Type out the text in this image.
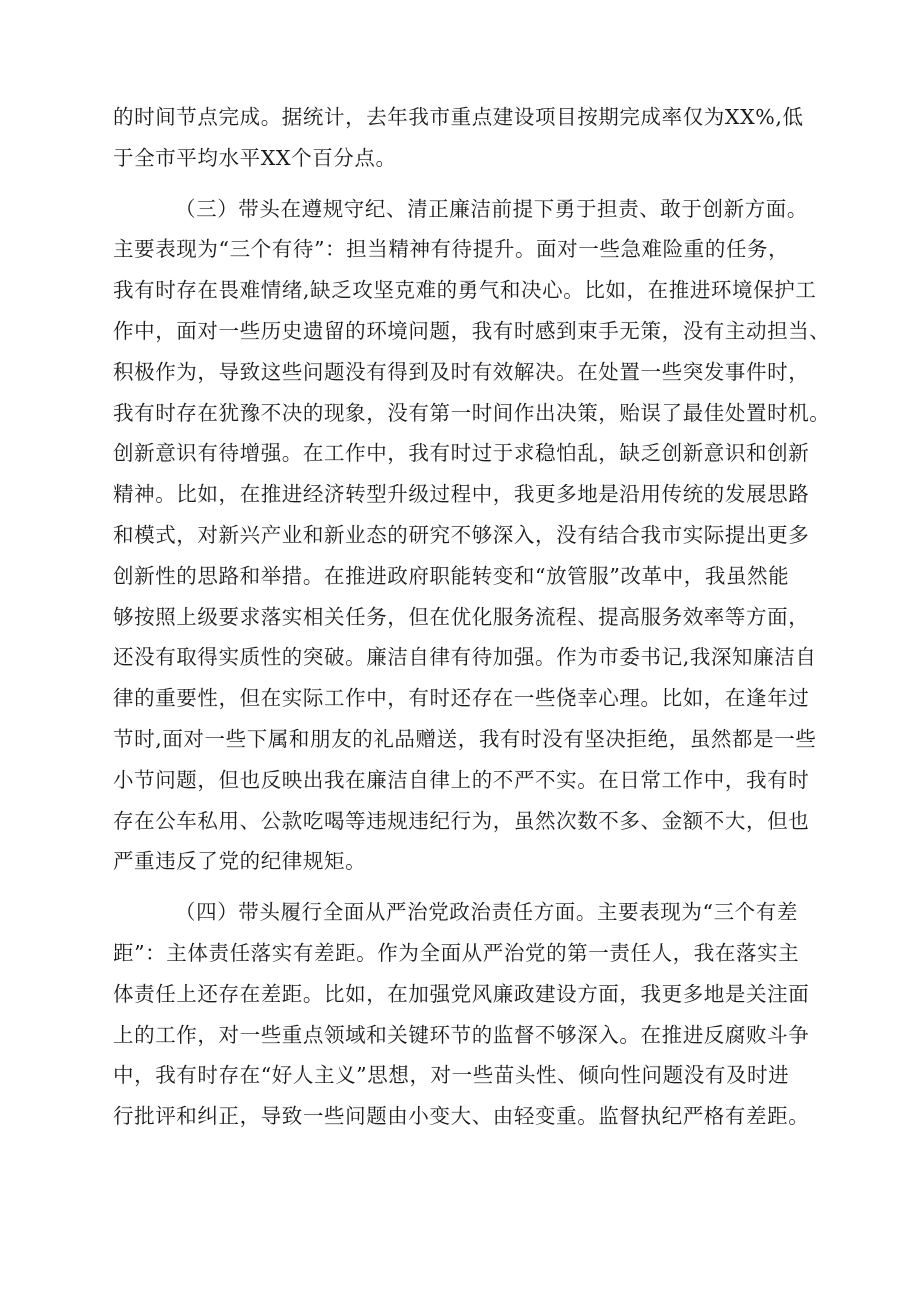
的时间节点完成。据统计，去年我市重点建设项目按期完成率仅为XX%,低
于全市平均水平XX个百分点。
（三）带头在遵规守纪、清正廉洁前提下勇于担责、敢于创新方面。
主要表现为“三个有待”：担当精神有待提升。面对一些急难险重的任务，
我有时存在畏难情绪,缺乏攻坚克难的勇气和决心。比如，在推进环境保护工
作中，面对一些历史遗留的环境问题，我有时感到束手无策，没有主动担当、
积极作为，导致这些问题没有得到及时有效解决。在处置一些突发事件时，
我有时存在犹豫不决的现象，没有第一时间作出决策，贻误了最佳处置时机。
创新意识有待增强。在工作中，我有时过于求稳怕乱，缺乏创新意识和创新
精神。比如，在推进经济转型升级过程中，我更多地是沿用传统的发展思路
和模式，对新兴产业和新业态的研究不够深入，没有结合我市实际提出更多
创新性的思路和举措。在推进政府职能转变和“放管服”改革中，我虽然能
够按照上级要求落实相关任务，但在优化服务流程、提高服务效率等方面，
还没有取得实质性的突破。廉洁自律有待加强。作为市委书记,我深知廉洁自
律的重要性，但在实际工作中，有时还存在一些侥幸心理。比如，在逢年过
节时,面对一些下属和朋友的礼品赠送，我有时没有坚决拒绝，虽然都是一些
小节问题，但也反映出我在廉洁自律上的不严不实。在日常工作中，我有时
存在公车私用、公款吃喝等违规违纪行为，虽然次数不多、金额不大，但也
严重违反了党的纪律规矩。
（四）带头履行全面从严治党政治责任方面。主要表现为“三个有差
距”：主体责任落实有差距。作为全面从严治党的第一责任人，我在落实主
体责任上还存在差距。比如，在加强党风廉政建设方面，我更多地是关注面
上的工作，对一些重点领域和关键环节的监督不够深入。在推进反腐败斗争
中，我有时存在“好人主义”思想，对一些苗头性、倾向性问题没有及时进
行批评和纠正，导致一些问题由小变大、由轻变重。监督执纪严格有差距。
